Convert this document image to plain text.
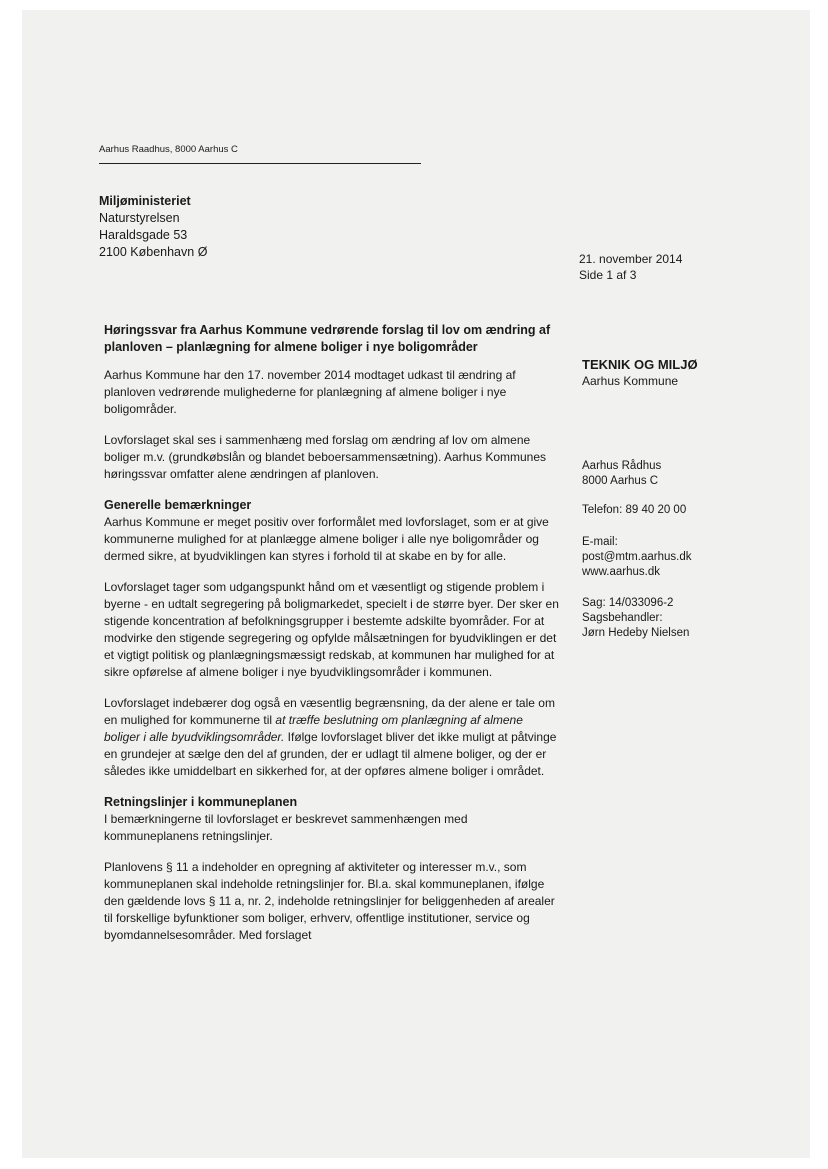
Aarhus Raadhus, 8000 Aarhus C
Miljøministeriet
Naturstyrelsen
Haraldsgade 53
2100 København Ø	21. november 2014
Side 1 af 3
TEKNIK OG MILJØ
Aarhus Kommune
Aarhus Rådhus
8000 Aarhus C
Telefon: 89 40 20 00
E-mail:
post@mtm.aarhus.dk
www.aarhus.dk
Sag: 14/033096-2
Sagsbehandler:
Jørn Hedeby Nielsen
Høringssvar fra Aarhus Kommune vedrørende forslag til lov om ændring af planloven – planlægning for almene boliger i nye boligområder

Aarhus Kommune har den 17. november 2014 modtaget udkast til ændring af planloven vedrørende mulighederne for planlægning af almene boliger i nye boligområder.

Lovforslaget skal ses i sammenhæng med forslag om ændring af lov om almene boliger m.v. (grundkøbslån og blandet beboersammensætning). Aarhus Kommunes høringssvar omfatter alene ændringen af planloven.

Generelle bemærkninger

Aarhus Kommune er meget positiv over forformålet med lovforslaget, som er at give kommunerne mulighed for at planlægge almene boliger i alle nye boligområder og dermed sikre, at byudviklingen kan styres i forhold til at skabe en by for alle.

Lovforslaget tager som udgangspunkt hånd om et væsentligt og stigende problem i byerne - en udtalt segregering på boligmarkedet, specielt i de større byer. Der sker en stigende koncentration af befolkningsgrupper i bestemte adskilte byområder. For at modvirke den stigende segregering og opfylde målsætningen for byudviklingen er det et vigtigt politisk og planlægningsmæssigt redskab, at kommunen har mulighed for at sikre opførelse af almene boliger i nye byudviklingsområder i kommunen.

Lovforslaget indebærer dog også en væsentlig begrænsning, da der alene er tale om en mulighed for kommunerne til at træffe beslutning om planlægning af almene boliger i alle byudviklingsområder. Ifølge lovforslaget bliver det ikke muligt at påtvinge en grundejer at sælge den del af grunden, der er udlagt til almene boliger, og der er således ikke umiddelbart en sikkerhed for, at der opføres almene boliger i området.

Retningslinjer i kommuneplanen

I bemærkningerne til lovforslaget er beskrevet sammenhængen med kommuneplanens retningslinjer.

Planlovens § 11 a indeholder en opregning af aktiviteter og interesser m.v., som kommuneplanen skal indeholde retningslinjer for. Bl.a. skal kommuneplanen, ifølge den gældende lovs § 11 a, nr. 2, indeholde retningslinjer for beliggenheden af arealer til forskellige byfunktioner som boliger, erhverv, offentlige institutioner, service og byomdannelsesområder. Med forslaget
